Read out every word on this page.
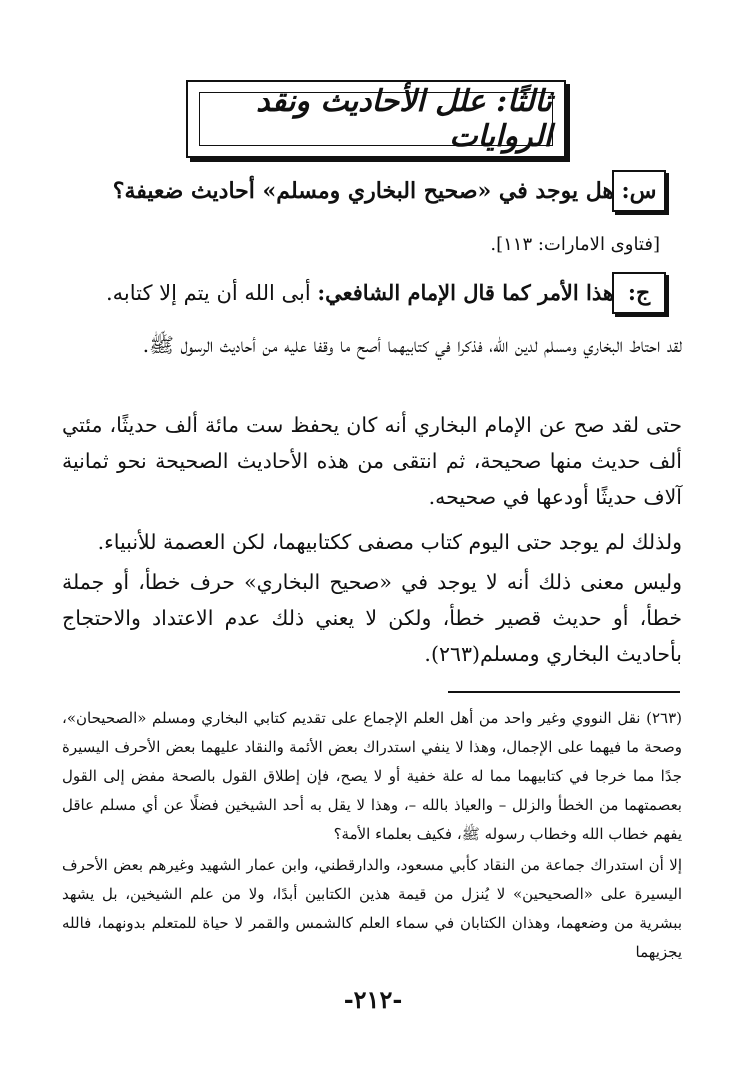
ثالثًا: علل الأحاديث ونقد الروايات
س:
هل يوجد في «صحيح البخاري ومسلم» أحاديث ضعيفة؟
[فتاوى الامارات: ١١٣].
ج:
هذا الأمر كما قال الإمام الشافعي: أبى الله أن يتم إلا كتابه.

لقد احتاط البخاري ومسلم لدين الله، فذكرا في كتابيهما أصح ما وقفا عليه من أحاديث الرسول ﷺ.

حتى لقد صح عن الإمام البخاري أنه كان يحفظ ست مائة ألف حديثًا، مئتي ألف حديث منها صحيحة، ثم انتقى من هذه الأحاديث الصحيحة نحو ثمانية آلاف حديثًا أودعها في صحيحه.

ولذلك لم يوجد حتى اليوم كتاب مصفى ككتابيهما، لكن العصمة للأنبياء.

وليس معنى ذلك أنه لا يوجد في «صحيح البخاري» حرف خطأ، أو جملة خطأ، أو حديث قصير خطأ، ولكن لا يعني ذلك عدم الاعتداد والاحتجاج بأحاديث البخاري ومسلم(٢٦٣).

(٢٦٣) نقل النووي وغير واحد من أهل العلم الإجماع على تقديم كتابي البخاري ومسلم «الصحيحان»، وصحة ما فيهما على الإجمال، وهذا لا ينفي استدراك بعض الأئمة والنقاد عليهما بعض الأحرف اليسيرة جدًا مما خرجا في كتابيهما مما له علة خفية أو لا يصح، فإن إطلاق القول بالصحة مفض إلى القول بعصمتهما من الخطأ والزلل – والعياذ بالله –، وهذا لا يقل به أحد الشيخين فضلًا عن أي مسلم عاقل يفهم خطاب الله وخطاب رسوله ﷺ، فكيف بعلماء الأمة؟

إلا أن استدراك جماعة من النقاد كأبي مسعود، والدارقطني، وابن عمار الشهيد وغيرهم بعض الأحرف اليسيرة على «الصحيحين» لا يُنزل من قيمة هذين الكتابين أبدًا، ولا من علم الشيخين، بل يشهد ببشرية من وضعهما، وهذان الكتابان في سماء العلم كالشمس والقمر لا حياة للمتعلم بدونهما، فالله يجزيهما

-٢١٢-
